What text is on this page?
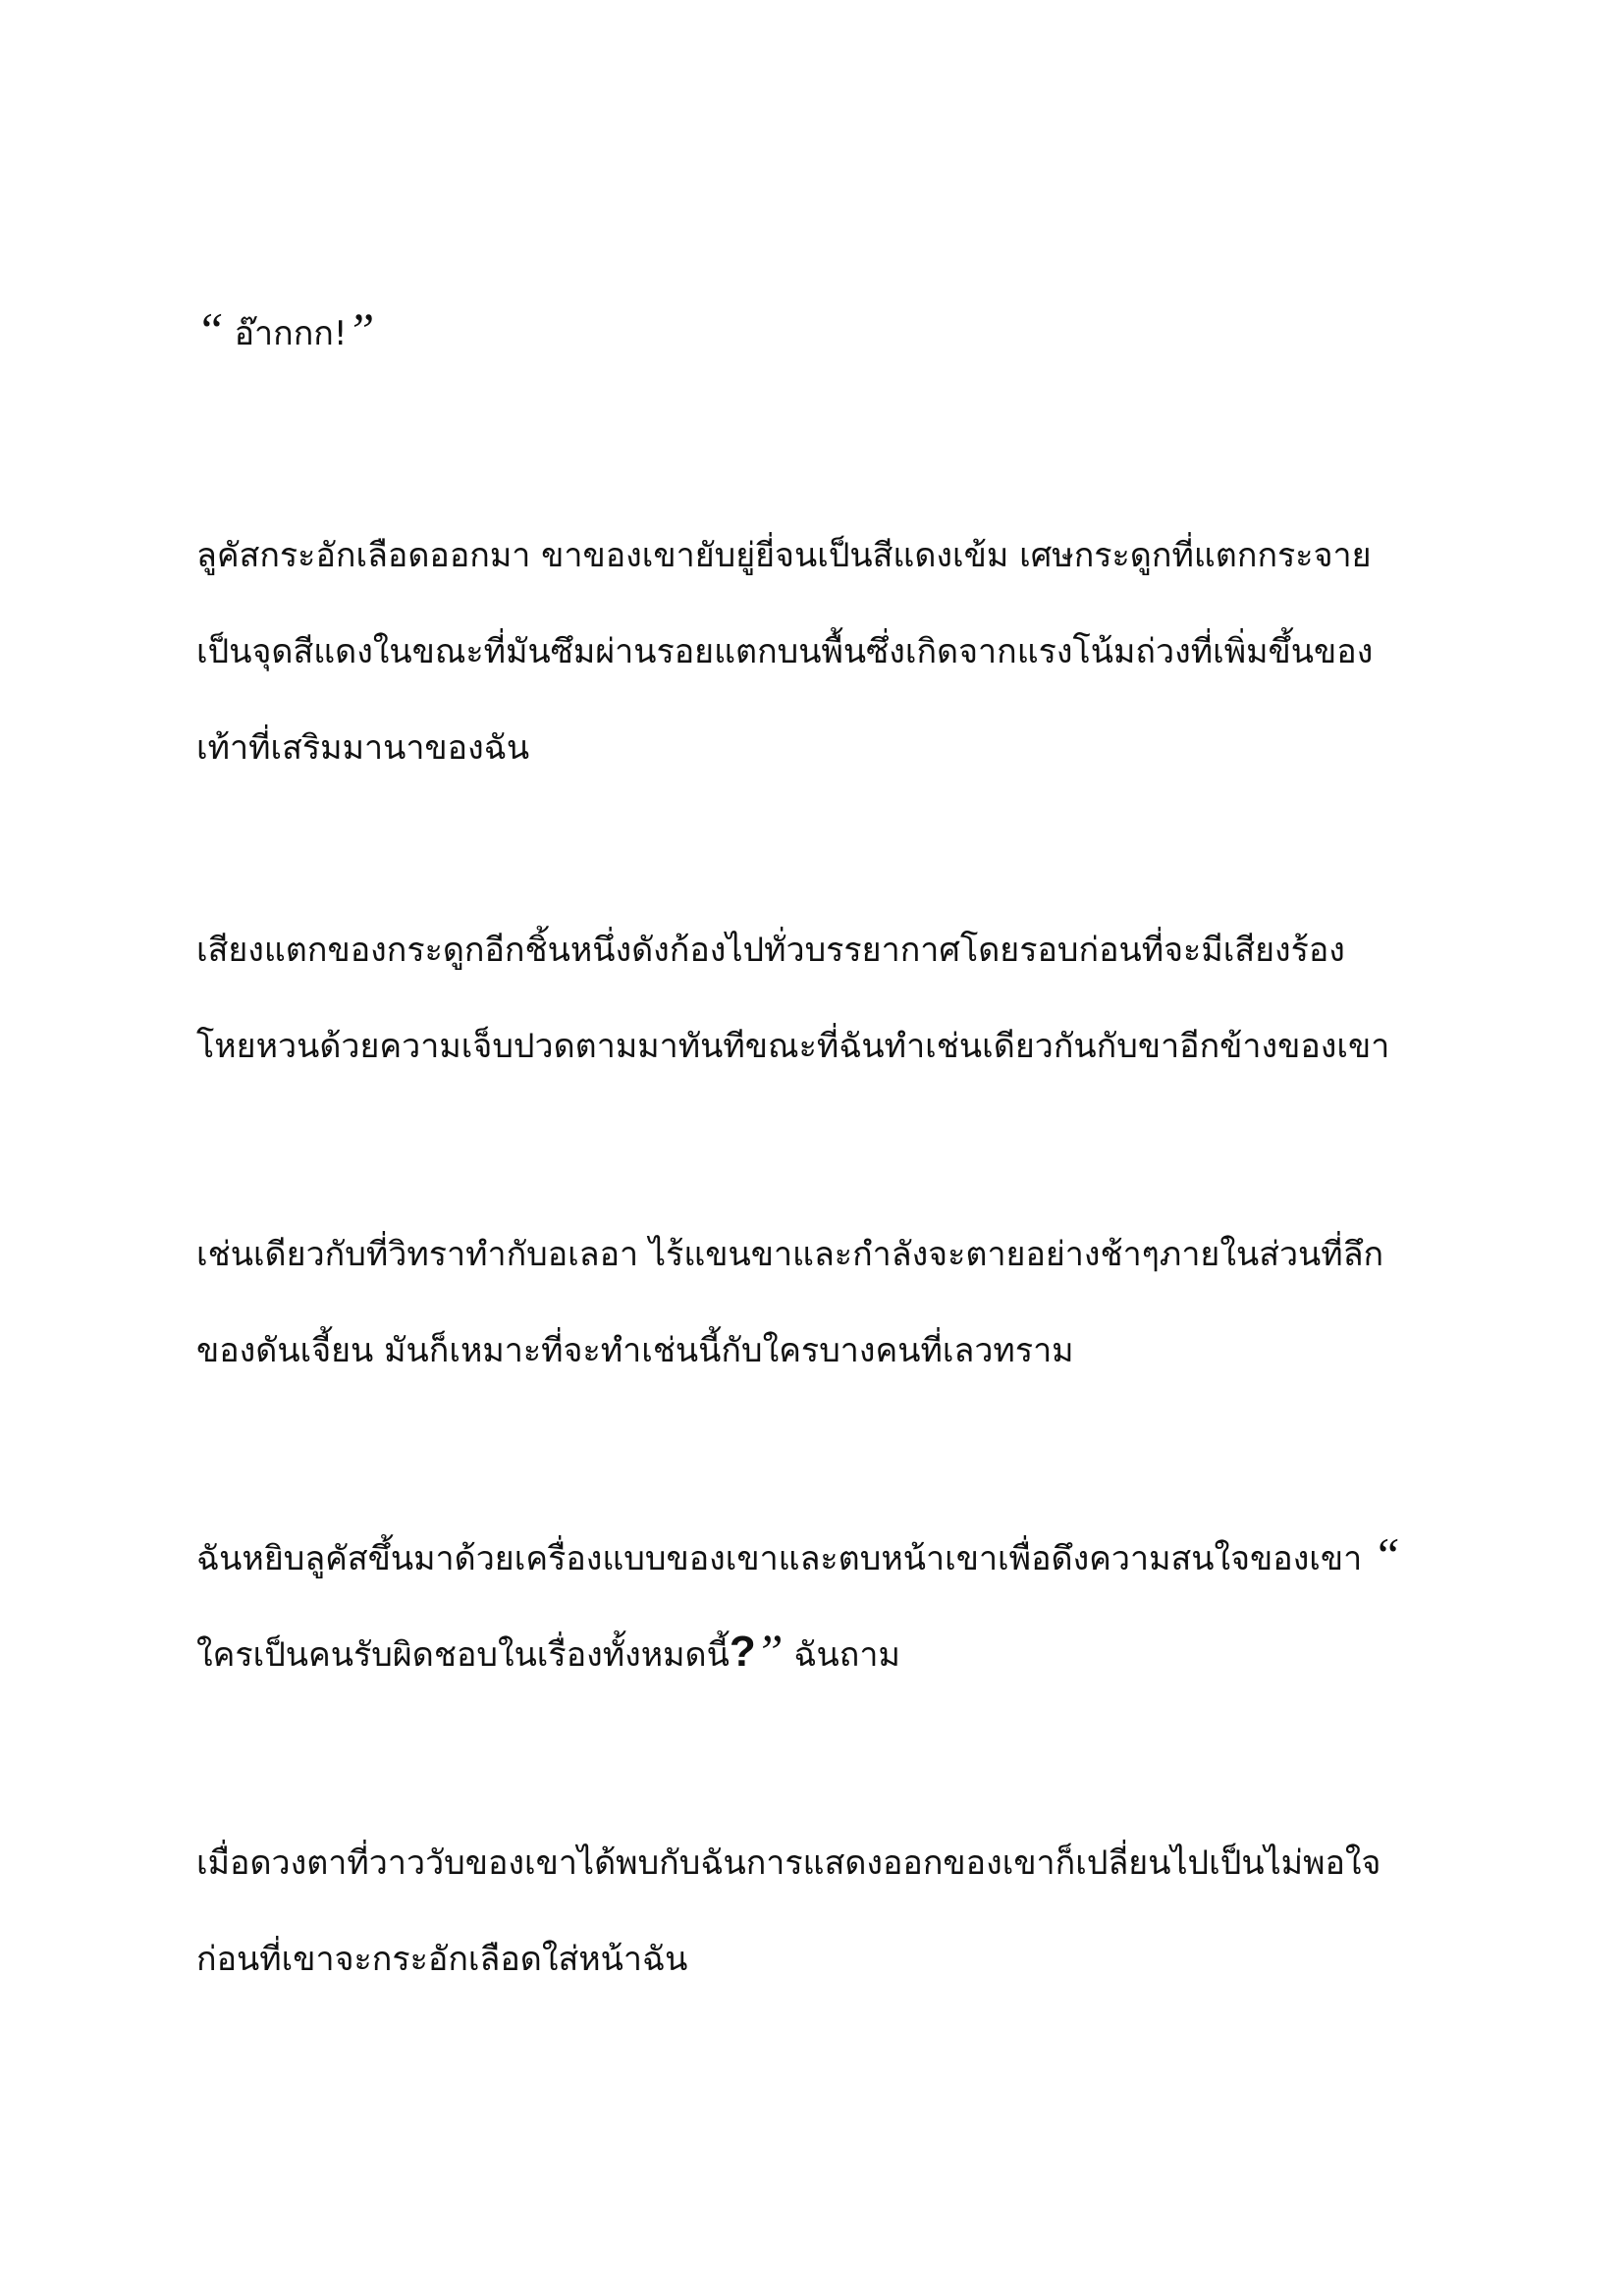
“ อ๊ากกก!”

ลูคัสกระอักเลือดออกมา ขาของเขายับยู่ยี่จนเป็นสีแดงเข้ม เศษกระดูกที่แตกกระจาย
เป็นจุดสีแดงในขณะที่มันซึมผ่านรอยแตกบนพื้นซึ่งเกิดจากแรงโน้มถ่วงที่เพิ่มขึ้นของ
เท้าที่เสริมมานาของฉัน

เสียงแตกของกระดูกอีกชิ้นหนึ่งดังก้องไปทั่วบรรยากาศโดยรอบก่อนที่จะมีเสียงร้อง
โหยหวนด้วยความเจ็บปวดตามมาทันทีขณะที่ฉันทำเช่นเดียวกันกับขาอีกข้างของเขา

เช่นเดียวกับที่วิทราทำกับอเลอา ไร้แขนขาและกำลังจะตายอย่างช้าๆภายในส่วนที่ลึก
ของดันเจี้ยน มันก็เหมาะที่จะทำเช่นนี้กับใครบางคนที่เลวทราม

ฉันหยิบลูคัสขึ้นมาด้วยเครื่องแบบของเขาและตบหน้าเขาเพื่อดึงความสนใจของเขา “
ใครเป็นคนรับผิดชอบในเรื่องทั้งหมดนี้?” ฉันถาม

เมื่อดวงตาที่วาววับของเขาได้พบกับฉันการแสดงออกของเขาก็เปลี่ยนไปเป็นไม่พอใจ
ก่อนที่เขาจะกระอักเลือดใส่หน้าฉัน
